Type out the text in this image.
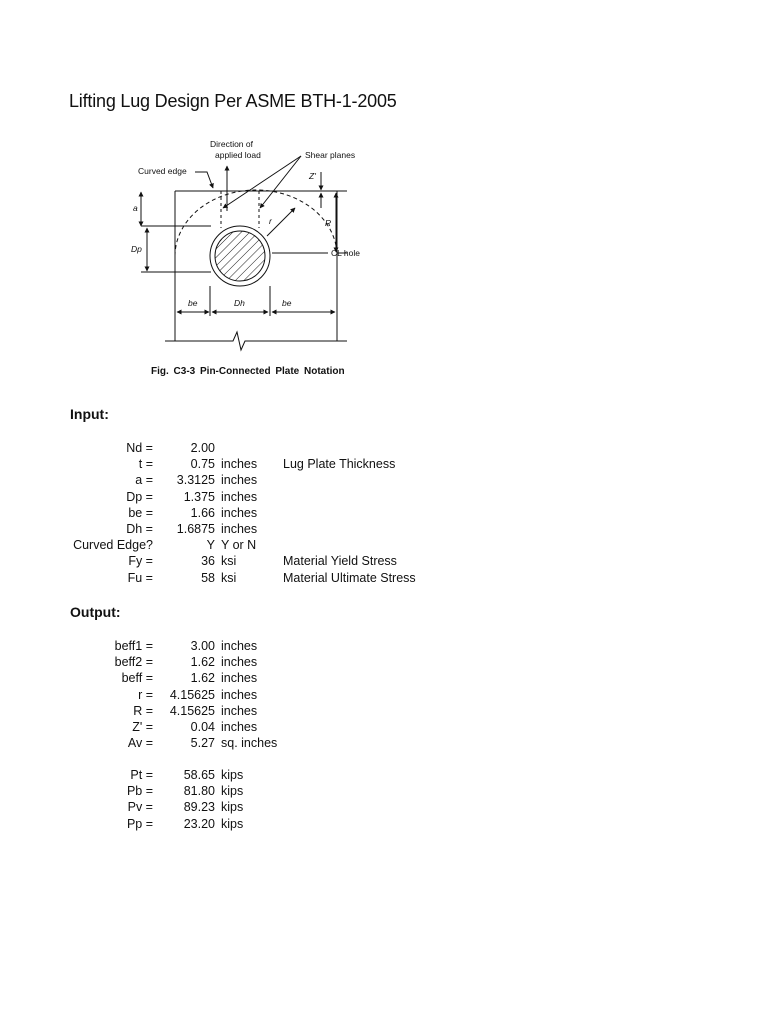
Lifting Lug Design Per ASME BTH-1-2005
Direction of
applied load	Shear planes
Curved edge
CL hole
Z'
a
r	R
Dp
be	Dh	be
Fig. C3-3 Pin-Connected Plate Notation
Input:
Nd =	2.00
t =	0.75 inches Lug Plate Thickness
a =	3.3125 inches
Dp =	1.375 inches
be =	1.66 inches
Dh =	1.6875 inches
Curved Edge?	Y Y or N
Fy =	36 ksi	Material Yield Stress
Fu =	58 ksi	Material Ultimate Stress
Output:
beff1 =	3.00 inches
beff2 =	1.62 inches
beff =	1.62 inches
r =	4.15625 inches
R =	4.15625 inches
Z' =	0.04 inches
Av =	5.27 sq. inches
Pt =	58.65 kips
Pb =	81.80 kips
Pv =	89.23 kips
Pp =	23.20 kips
